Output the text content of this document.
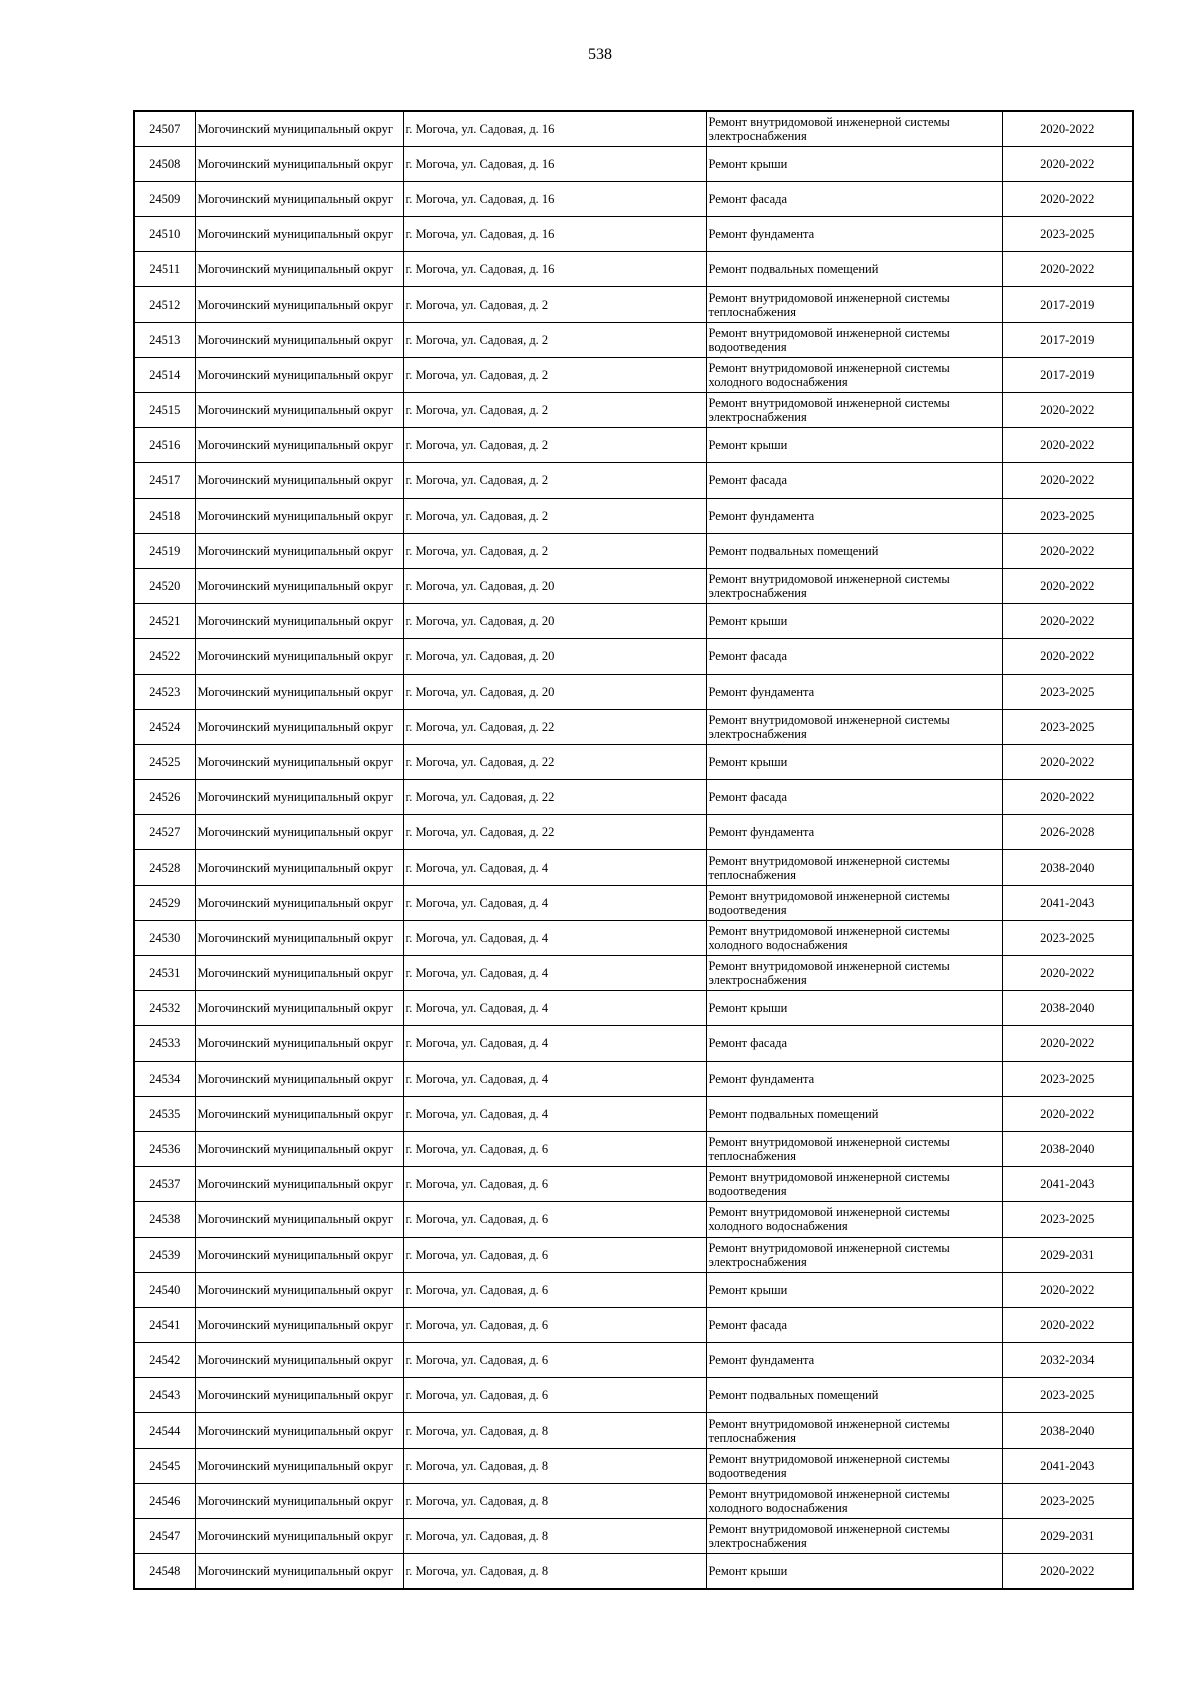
538
24507	Могочинский муниципальный округ	г. Могоча, ул. Садовая, д. 16	Ремонт внутридомовой инженерной системы электроснабжения	2020-2022
24508	Могочинский муниципальный округ	г. Могоча, ул. Садовая, д. 16	Ремонт крыши	2020-2022
24509	Могочинский муниципальный округ	г. Могоча, ул. Садовая, д. 16	Ремонт фасада	2020-2022
24510	Могочинский муниципальный округ	г. Могоча, ул. Садовая, д. 16	Ремонт фундамента	2023-2025
24511	Могочинский муниципальный округ	г. Могоча, ул. Садовая, д. 16	Ремонт подвальных помещений	2020-2022
24512	Могочинский муниципальный округ	г. Могоча, ул. Садовая, д. 2	Ремонт внутридомовой инженерной системы теплоснабжения	2017-2019
24513	Могочинский муниципальный округ	г. Могоча, ул. Садовая, д. 2	Ремонт внутридомовой инженерной системы водоотведения	2017-2019
24514	Могочинский муниципальный округ	г. Могоча, ул. Садовая, д. 2	Ремонт внутридомовой инженерной системы холодного водоснабжения	2017-2019
24515	Могочинский муниципальный округ	г. Могоча, ул. Садовая, д. 2	Ремонт внутридомовой инженерной системы электроснабжения	2020-2022
24516	Могочинский муниципальный округ	г. Могоча, ул. Садовая, д. 2	Ремонт крыши	2020-2022
24517	Могочинский муниципальный округ	г. Могоча, ул. Садовая, д. 2	Ремонт фасада	2020-2022
24518	Могочинский муниципальный округ	г. Могоча, ул. Садовая, д. 2	Ремонт фундамента	2023-2025
24519	Могочинский муниципальный округ	г. Могоча, ул. Садовая, д. 2	Ремонт подвальных помещений	2020-2022
24520	Могочинский муниципальный округ	г. Могоча, ул. Садовая, д. 20	Ремонт внутридомовой инженерной системы электроснабжения	2020-2022
24521	Могочинский муниципальный округ	г. Могоча, ул. Садовая, д. 20	Ремонт крыши	2020-2022
24522	Могочинский муниципальный округ	г. Могоча, ул. Садовая, д. 20	Ремонт фасада	2020-2022
24523	Могочинский муниципальный округ	г. Могоча, ул. Садовая, д. 20	Ремонт фундамента	2023-2025
24524	Могочинский муниципальный округ	г. Могоча, ул. Садовая, д. 22	Ремонт внутридомовой инженерной системы электроснабжения	2023-2025
24525	Могочинский муниципальный округ	г. Могоча, ул. Садовая, д. 22	Ремонт крыши	2020-2022
24526	Могочинский муниципальный округ	г. Могоча, ул. Садовая, д. 22	Ремонт фасада	2020-2022
24527	Могочинский муниципальный округ	г. Могоча, ул. Садовая, д. 22	Ремонт фундамента	2026-2028
24528	Могочинский муниципальный округ	г. Могоча, ул. Садовая, д. 4	Ремонт внутридомовой инженерной системы теплоснабжения	2038-2040
24529	Могочинский муниципальный округ	г. Могоча, ул. Садовая, д. 4	Ремонт внутридомовой инженерной системы водоотведения	2041-2043
24530	Могочинский муниципальный округ	г. Могоча, ул. Садовая, д. 4	Ремонт внутридомовой инженерной системы холодного водоснабжения	2023-2025
24531	Могочинский муниципальный округ	г. Могоча, ул. Садовая, д. 4	Ремонт внутридомовой инженерной системы электроснабжения	2020-2022
24532	Могочинский муниципальный округ	г. Могоча, ул. Садовая, д. 4	Ремонт крыши	2038-2040
24533	Могочинский муниципальный округ	г. Могоча, ул. Садовая, д. 4	Ремонт фасада	2020-2022
24534	Могочинский муниципальный округ	г. Могоча, ул. Садовая, д. 4	Ремонт фундамента	2023-2025
24535	Могочинский муниципальный округ	г. Могоча, ул. Садовая, д. 4	Ремонт подвальных помещений	2020-2022
24536	Могочинский муниципальный округ	г. Могоча, ул. Садовая, д. 6	Ремонт внутридомовой инженерной системы теплоснабжения	2038-2040
24537	Могочинский муниципальный округ	г. Могоча, ул. Садовая, д. 6	Ремонт внутридомовой инженерной системы водоотведения	2041-2043
24538	Могочинский муниципальный округ	г. Могоча, ул. Садовая, д. 6	Ремонт внутридомовой инженерной системы холодного водоснабжения	2023-2025
24539	Могочинский муниципальный округ	г. Могоча, ул. Садовая, д. 6	Ремонт внутридомовой инженерной системы электроснабжения	2029-2031
24540	Могочинский муниципальный округ	г. Могоча, ул. Садовая, д. 6	Ремонт крыши	2020-2022
24541	Могочинский муниципальный округ	г. Могоча, ул. Садовая, д. 6	Ремонт фасада	2020-2022
24542	Могочинский муниципальный округ	г. Могоча, ул. Садовая, д. 6	Ремонт фундамента	2032-2034
24543	Могочинский муниципальный округ	г. Могоча, ул. Садовая, д. 6	Ремонт подвальных помещений	2023-2025
24544	Могочинский муниципальный округ	г. Могоча, ул. Садовая, д. 8	Ремонт внутридомовой инженерной системы теплоснабжения	2038-2040
24545	Могочинский муниципальный округ	г. Могоча, ул. Садовая, д. 8	Ремонт внутридомовой инженерной системы водоотведения	2041-2043
24546	Могочинский муниципальный округ	г. Могоча, ул. Садовая, д. 8	Ремонт внутридомовой инженерной системы холодного водоснабжения	2023-2025
24547	Могочинский муниципальный округ	г. Могоча, ул. Садовая, д. 8	Ремонт внутридомовой инженерной системы электроснабжения	2029-2031
24548	Могочинский муниципальный округ	г. Могоча, ул. Садовая, д. 8	Ремонт крыши	2020-2022
